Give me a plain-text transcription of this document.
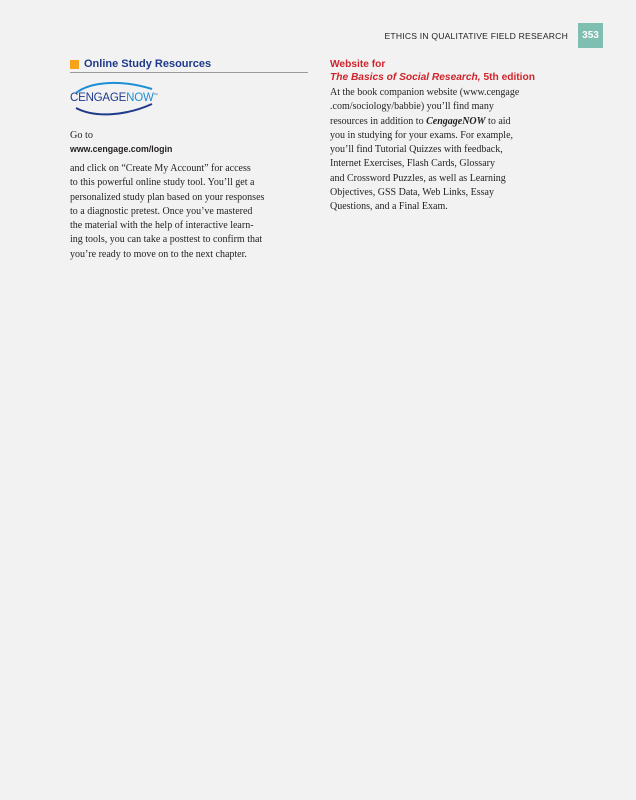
ETHICS IN QUALITATIVE FIELD RESEARCH	353
Online Study Resources
CENGAGENOW™
Go to
www.cengage.com/login
and click on “Create My Account” for access
to this powerful online study tool. You’ll get a
personalized study plan based on your responses
to a diagnostic pretest. Once you’ve mastered
the material with the help of interactive learn-
ing tools, you can take a posttest to confirm that
you’re ready to move on to the next chapter.
Website for
The Basics of Social Research, 5th edition
At the book companion website (www.cengage
.com/sociology/babbie) you’ll find many
resources in addition to CengageNOW to aid
you in studying for your exams. For example,
you’ll find Tutorial Quizzes with feedback,
Internet Exercises, Flash Cards, Glossary
and Crossword Puzzles, as well as Learning
Objectives, GSS Data, Web Links, Essay
Questions, and a Final Exam.
